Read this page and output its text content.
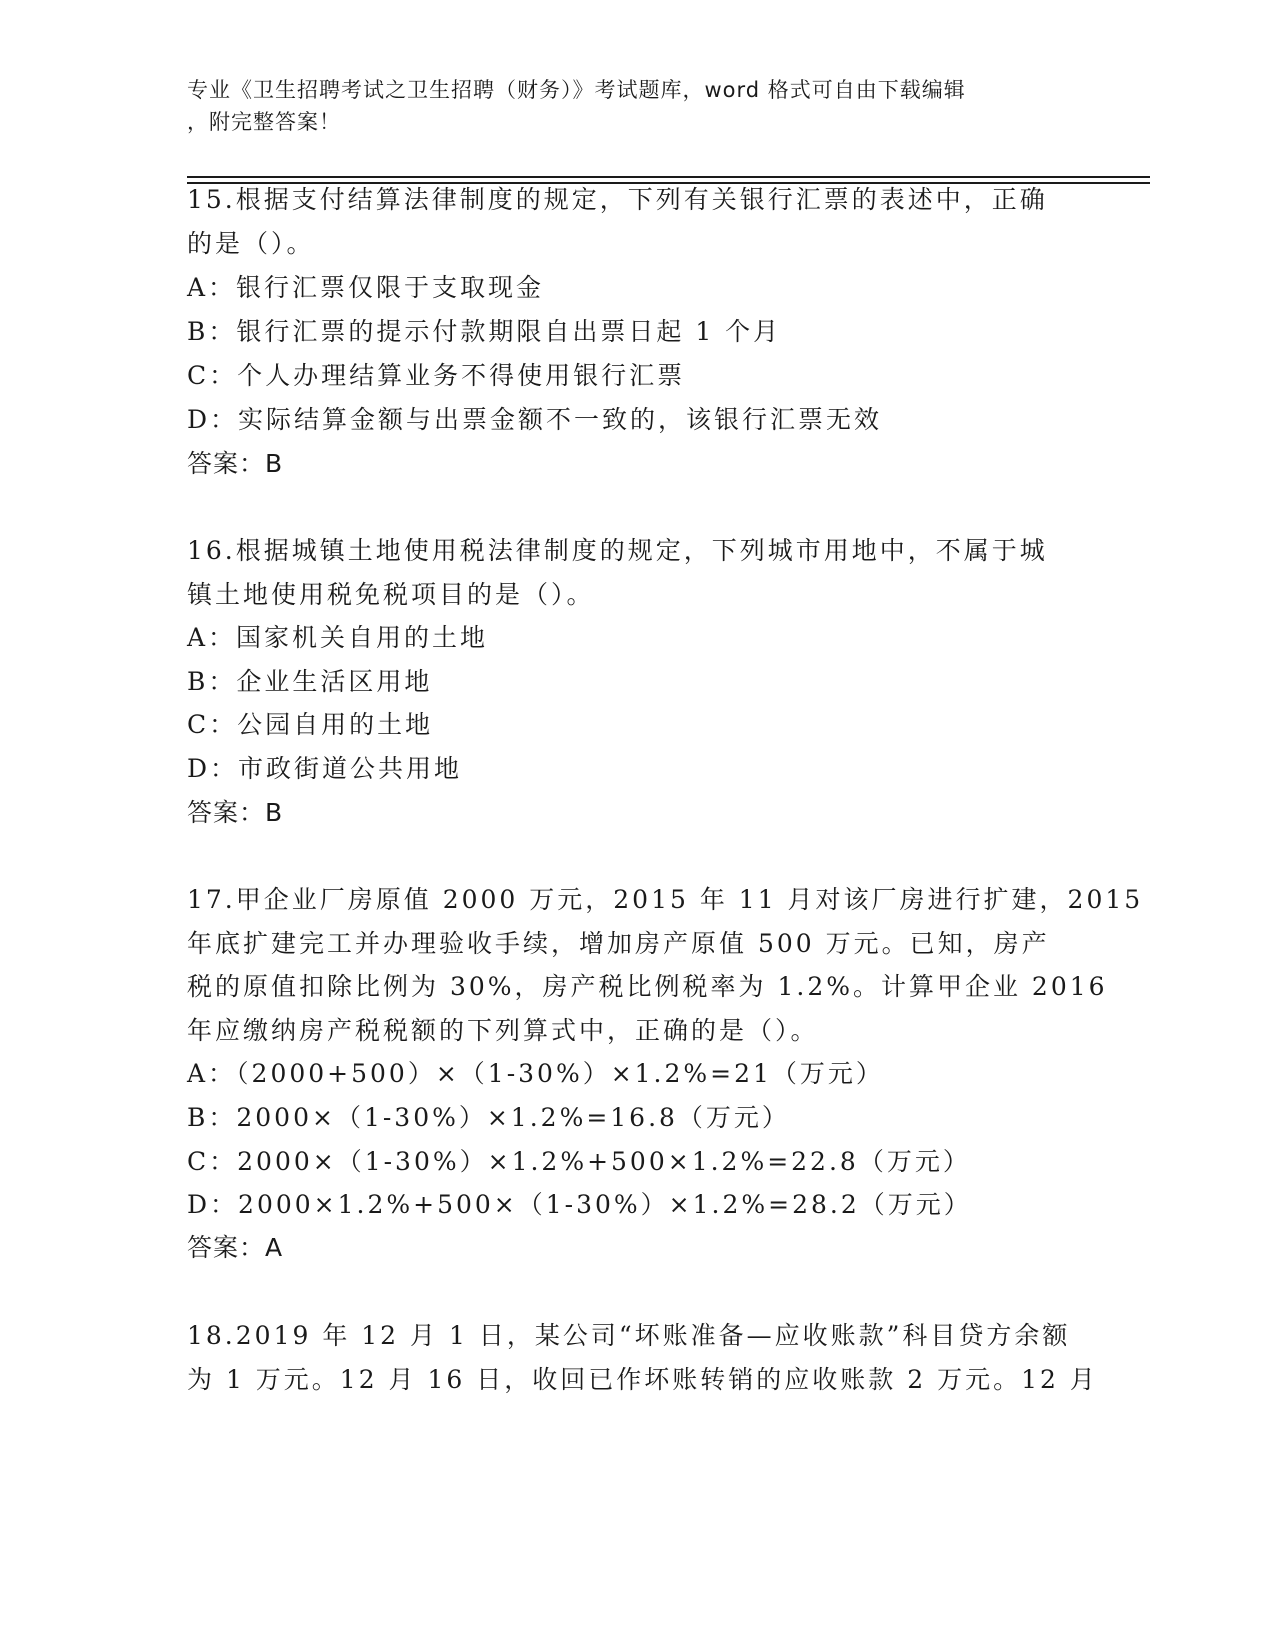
专业《卫生招聘考试之卫生招聘（财务）》考试题库，word 格式可自由下载编辑
，附完整答案！
15.根据支付结算法律制度的规定，下列有关银行汇票的表述中，正确
的是（）。
A：银行汇票仅限于支取现金
B：银行汇票的提示付款期限自出票日起 1 个月
C：个人办理结算业务不得使用银行汇票
D：实际结算金额与出票金额不一致的，该银行汇票无效
答案：B
16.根据城镇土地使用税法律制度的规定，下列城市用地中，不属于城
镇土地使用税免税项目的是（）。
A：国家机关自用的土地
B：企业生活区用地
C：公园自用的土地
D：市政街道公共用地
答案：B
17.甲企业厂房原值 2000 万元，2015 年 11 月对该厂房进行扩建，2015
年底扩建完工并办理验收手续，增加房产原值 500 万元。已知，房产
税的原值扣除比例为 30%，房产税比例税率为 1.2%。计算甲企业 2016
年应缴纳房产税税额的下列算式中，正确的是（）。
A：（2000+500）×（1-30%）×1.2%=21（万元）
B：2000×（1-30%）×1.2%=16.8（万元）
C：2000×（1-30%）×1.2%+500×1.2%=22.8（万元）
D：2000×1.2%+500×（1-30%）×1.2%=28.2（万元）
答案：A
18.2019 年 12 月 1 日，某公司“坏账准备—应收账款”科目贷方余额
为 1 万元。12 月 16 日，收回已作坏账转销的应收账款 2 万元。12 月
